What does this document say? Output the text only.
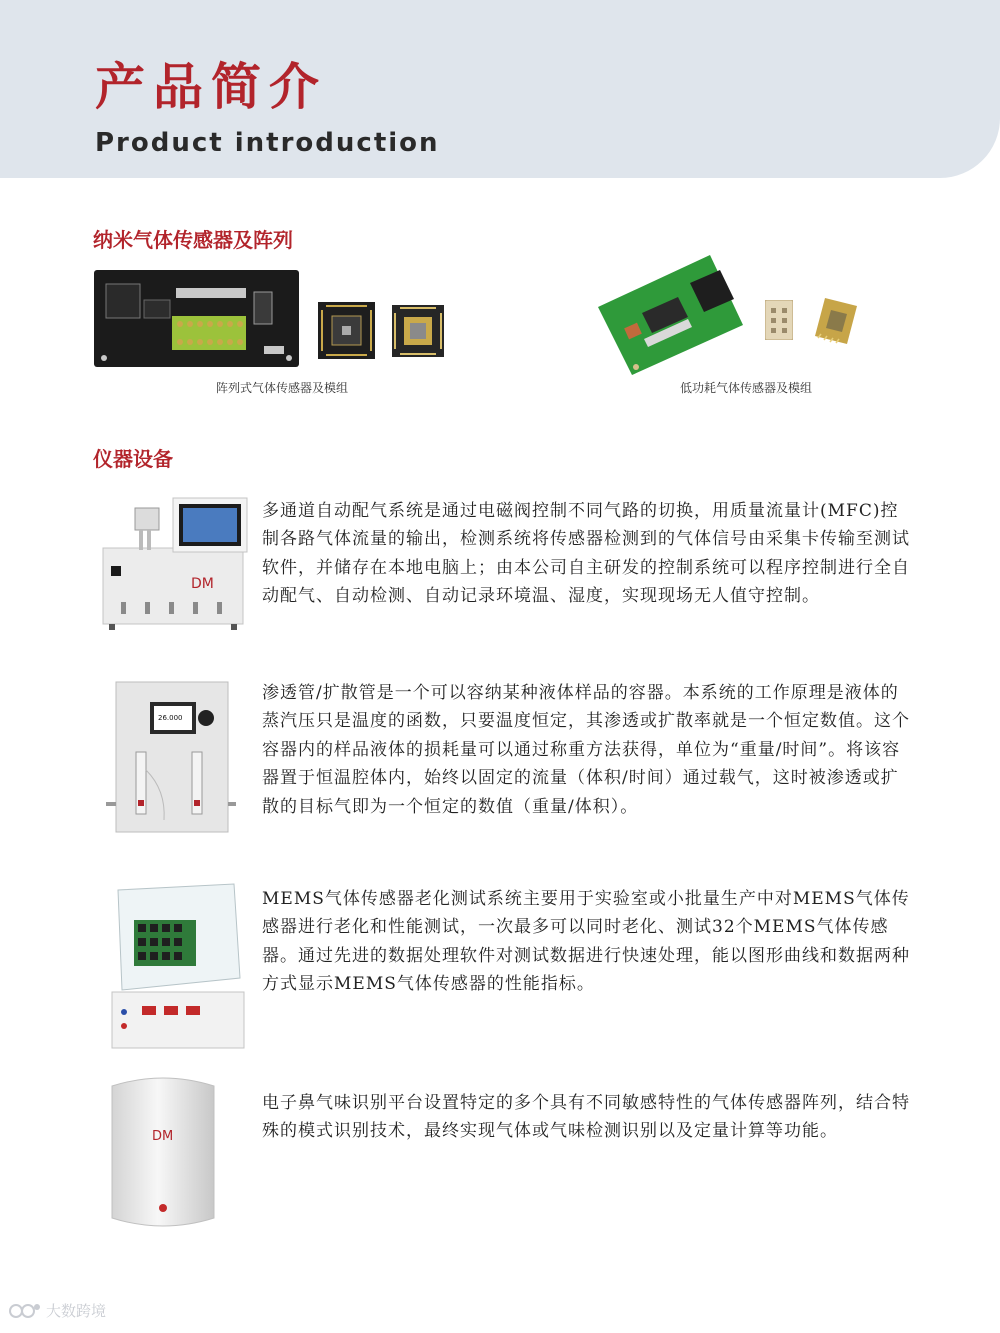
产品简介
Product introduction
纳米气体传感器及阵列
阵列式气体传感器及模组	低功耗气体传感器及模组
仪器设备
DM

多通道自动配气系统是通过电磁阀控制不同气路的切换，用质量流量计(MFC)控制各路气体流量的输出，检测系统将传感器检测到的气体信号由采集卡传输至测试软件，并储存在本地电脑上；由本公司自主研发的控制系统可以程序控制进行全自动配气、自动检测、自动记录环境温、湿度，实现现场无人值守控制。

26.000

渗透管/扩散管是一个可以容纳某种液体样品的容器。本系统的工作原理是液体的蒸汽压只是温度的函数，只要温度恒定，其渗透或扩散率就是一个恒定数值。这个容器内的样品液体的损耗量可以通过称重方法获得，单位为“重量/时间”。将该容器置于恒温腔体内，始终以固定的流量（体积/时间）通过载气，这时被渗透或扩散的目标气即为一个恒定的数值（重量/体积）。

MEMS气体传感器老化测试系统主要用于实验室或小批量生产中对MEMS气体传感器进行老化和性能测试，一次最多可以同时老化、测试32个MEMS气体传感器。通过先进的数据处理软件对测试数据进行快速处理，能以图形曲线和数据两种方式显示MEMS气体传感器的性能指标。

DM

电子鼻气味识别平台设置特定的多个具有不同敏感特性的气体传感器阵列，结合特殊的模式识别技术，最终实现气体或气味检测识别以及定量计算等功能。

大数跨境
